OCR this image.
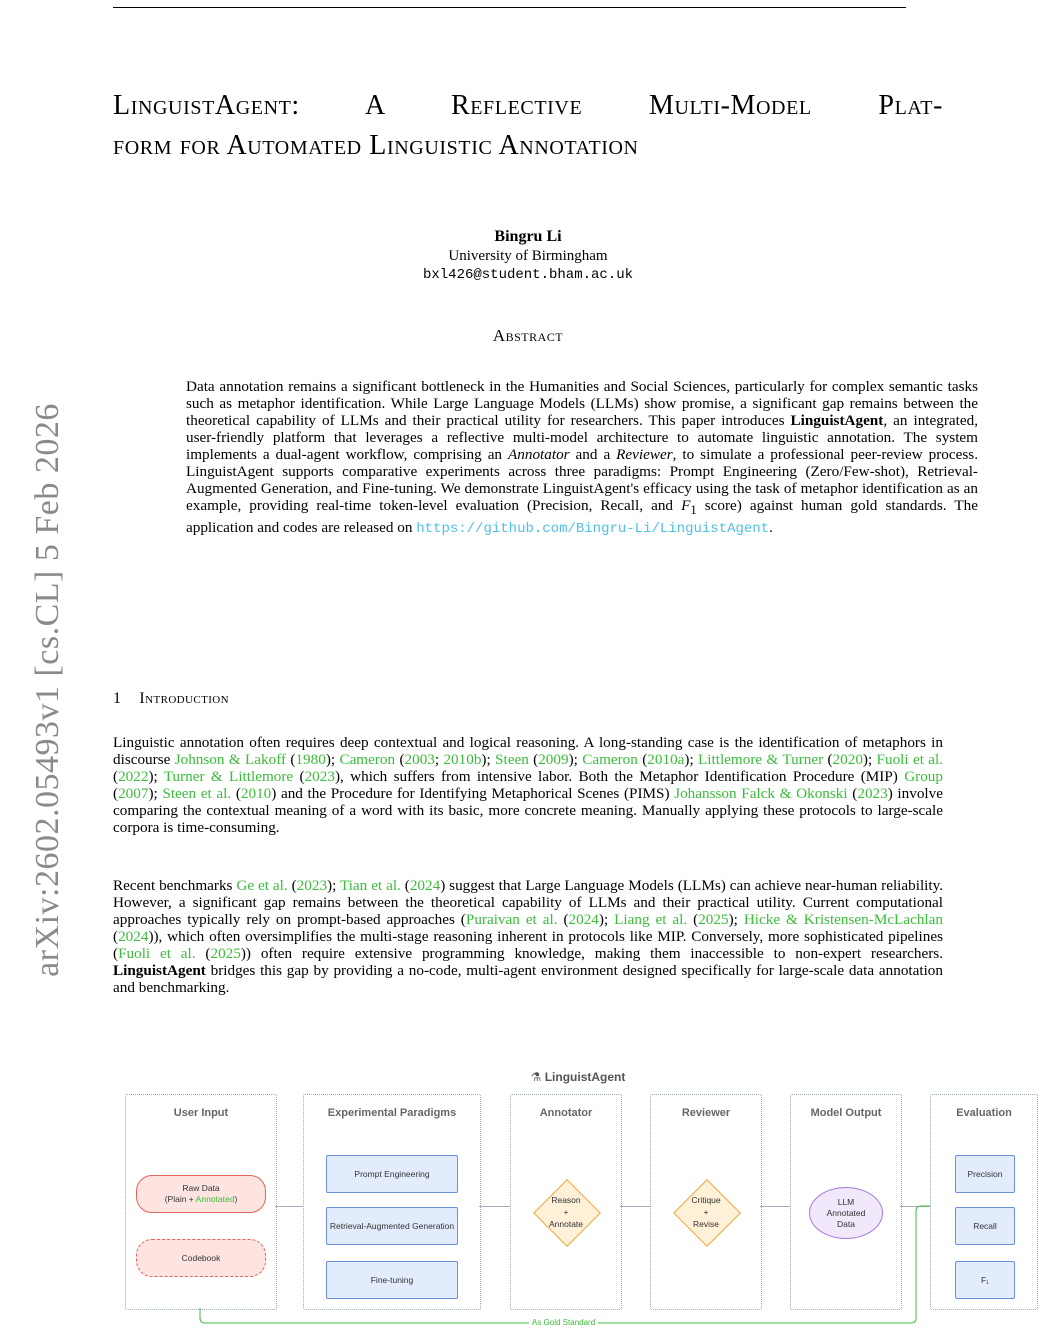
arXiv:2602.05493v1 [cs.CL] 5 Feb 2026
LinguistAgent: A Reflective Multi-Model Plat-
form for Automated Linguistic Annotation
Bingru Li
University of Birmingham
bxl426@student.bham.ac.uk
Abstract
Data annotation remains a significant bottleneck in the Humanities and Social Sciences, particularly for complex semantic tasks such as metaphor identification. While Large Language Models (LLMs) show promise, a significant gap remains between the theoretical capability of LLMs and their practical utility for researchers. This paper introduces LinguistAgent, an integrated, user-friendly platform that leverages a reflective multi-model architecture to automate linguistic annotation. The system implements a dual-agent workflow, comprising an Annotator and a Reviewer, to simulate a professional peer-review process. LinguistAgent supports comparative experiments across three paradigms: Prompt Engineering (Zero/Few-shot), Retrieval-Augmented Generation, and Fine-tuning. We demonstrate LinguistAgent's efficacy using the task of metaphor identification as an example, providing real-time token-level evaluation (Precision, Recall, and $F_1$ score) against human gold standards. The application and codes are released on https://github.com/Bingru-Li/LinguistAgent.
1 Introduction
Linguistic annotation often requires deep contextual and logical reasoning. A long-standing case is the identification of metaphors in discourse Johnson & Lakoff (1980); Cameron (2003; 2010b); Steen (2009); Cameron (2010a); Littlemore & Turner (2020); Fuoli et al. (2022); Turner & Littlemore (2023), which suffers from intensive labor. Both the Metaphor Identification Procedure (MIP) Group (2007); Steen et al. (2010) and the Procedure for Identifying Metaphorical Scenes (PIMS) Johansson Falck & Okonski (2023) involve comparing the contextual meaning of a word with its basic, more concrete meaning. Manually applying these protocols to large-scale corpora is time-consuming.
Recent benchmarks Ge et al. (2023); Tian et al. (2024) suggest that Large Language Models (LLMs) can achieve near-human reliability. However, a significant gap remains between the theoretical capability of LLMs and their practical utility. Current computational approaches typically rely on prompt-based approaches (Puraivan et al. (2024); Liang et al. (2025); Hicke & Kristensen-McLachlan (2024)), which often oversimplifies the multi-stage reasoning inherent in protocols like MIP. Conversely, more sophisticated pipelines (Fuoli et al. (2025)) often require extensive programming knowledge, making them inaccessible to non-expert researchers. LinguistAgent bridges this gap by providing a no-code, multi-agent environment designed specifically for large-scale data annotation and benchmarking.
⚗ LinguistAgent
User Input
Raw Data
(Plain + Annotated)
Codebook
Experimental Paradigms
Prompt Engineering
Retrieval-Augmented Generation
Fine-tuning
Annotator
Reason
+
Annotate
Reviewer
Critique
+
Revise
Model Output
LLM
Annotated
Data
Evaluation
Precision
Recall
F₁
As Gold Standard
